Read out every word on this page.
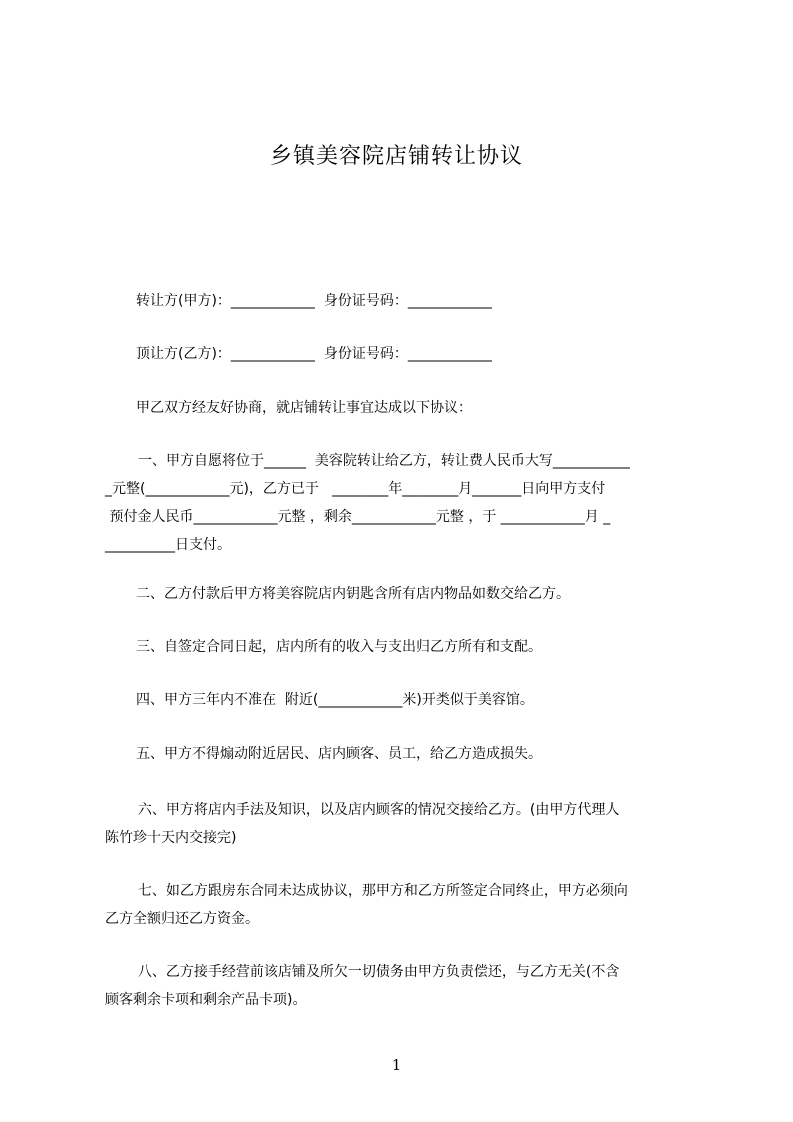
乡镇美容院店铺转让协议
转让方(甲方)：____________  身份证号码：____________
顶让方(乙方)：____________  身份证号码：____________
甲乙双方经友好协商，就店铺转让事宜达成以下协议：
一、甲方自愿将位于______  美容院转让给乙方，转让费人民币大写___________
_元整(____________元)，乙方已于   ________年________月_______日向甲方支付
预付金人民币____________元整 ，剩余____________元整 ，于 ____________月 _
__________日支付。
二、乙方付款后甲方将美容院店内钥匙含所有店内物品如数交给乙方。
三、自签定合同日起，店内所有的收入与支出归乙方所有和支配。
四、甲方三年内不准在  附近(____________米)开类似于美容馆。
五、甲方不得煽动附近居民、店内顾客、员工，给乙方造成损失。
六、甲方将店内手法及知识，以及店内顾客的情况交接给乙方。(由甲方代理人
陈竹珍十天内交接完)
七、如乙方跟房东合同未达成协议，那甲方和乙方所签定合同终止，甲方必须向
乙方全额归还乙方资金。
八、乙方接手经营前该店铺及所欠一切债务由甲方负责偿还，与乙方无关(不含
顾客剩余卡项和剩余产品卡项)。
1
